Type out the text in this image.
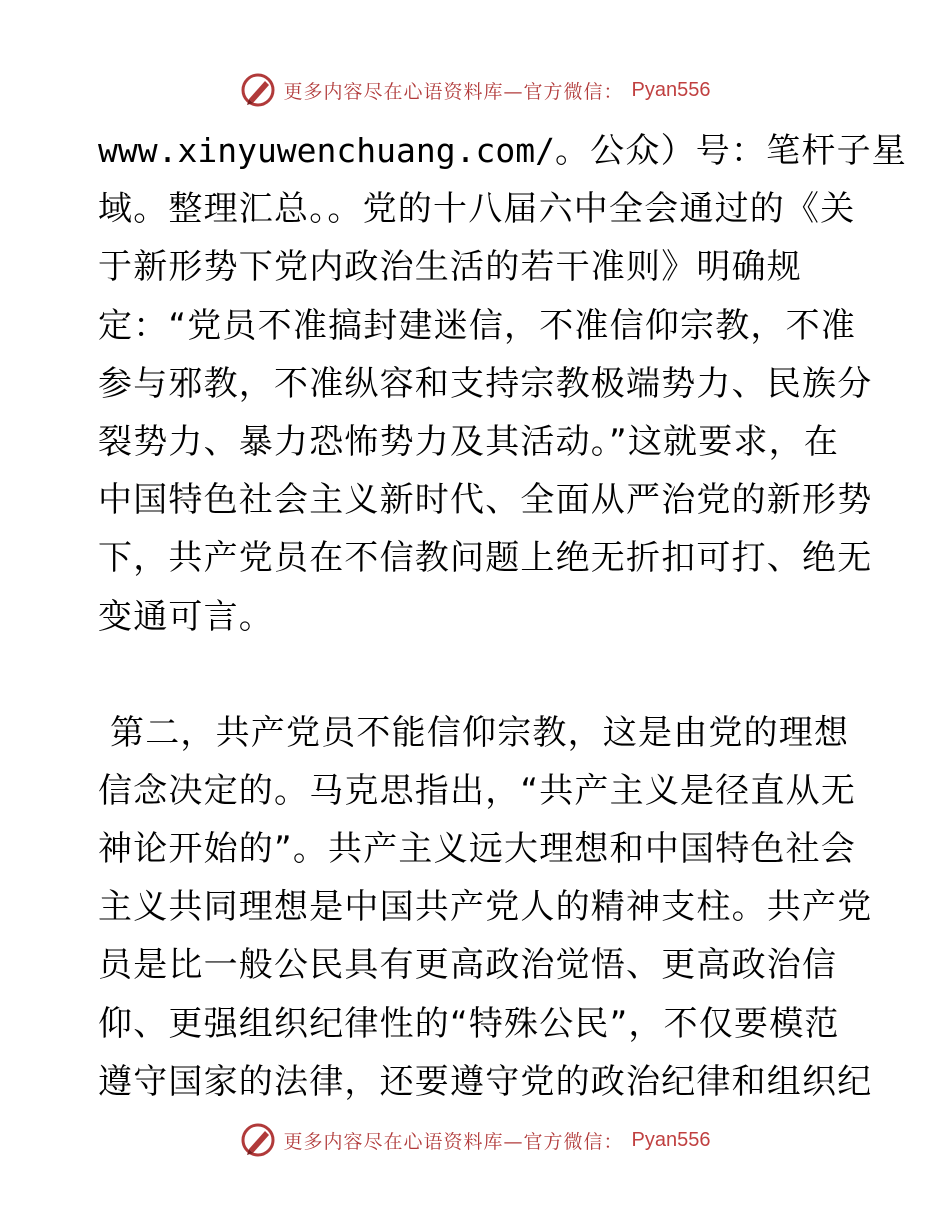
更多内容尽在心语资料库—官方微信： Pyan556
www.xinyuwenchuang.com/。公众）号：笔杆子星
域。整理汇总。。党的十八届六中全会通过的《关
于新形势下党内政治生活的若干准则》明确规
定：“党员不准搞封建迷信，不准信仰宗教，不准
参与邪教，不准纵容和支持宗教极端势力、民族分
裂势力、暴力恐怖势力及其活动。”这就要求，在
中国特色社会主义新时代、全面从严治党的新形势
下，共产党员在不信教问题上绝无折扣可打、绝无
变通可言。
第二，共产党员不能信仰宗教，这是由党的理想
信念决定的。马克思指出，“共产主义是径直从无
神论开始的”。共产主义远大理想和中国特色社会
主义共同理想是中国共产党人的精神支柱。共产党
员是比一般公民具有更高政治觉悟、更高政治信
仰、更强组织纪律性的“特殊公民”，不仅要模范
遵守国家的法律，还要遵守党的政治纪律和组织纪
更多内容尽在心语资料库—官方微信： Pyan556
